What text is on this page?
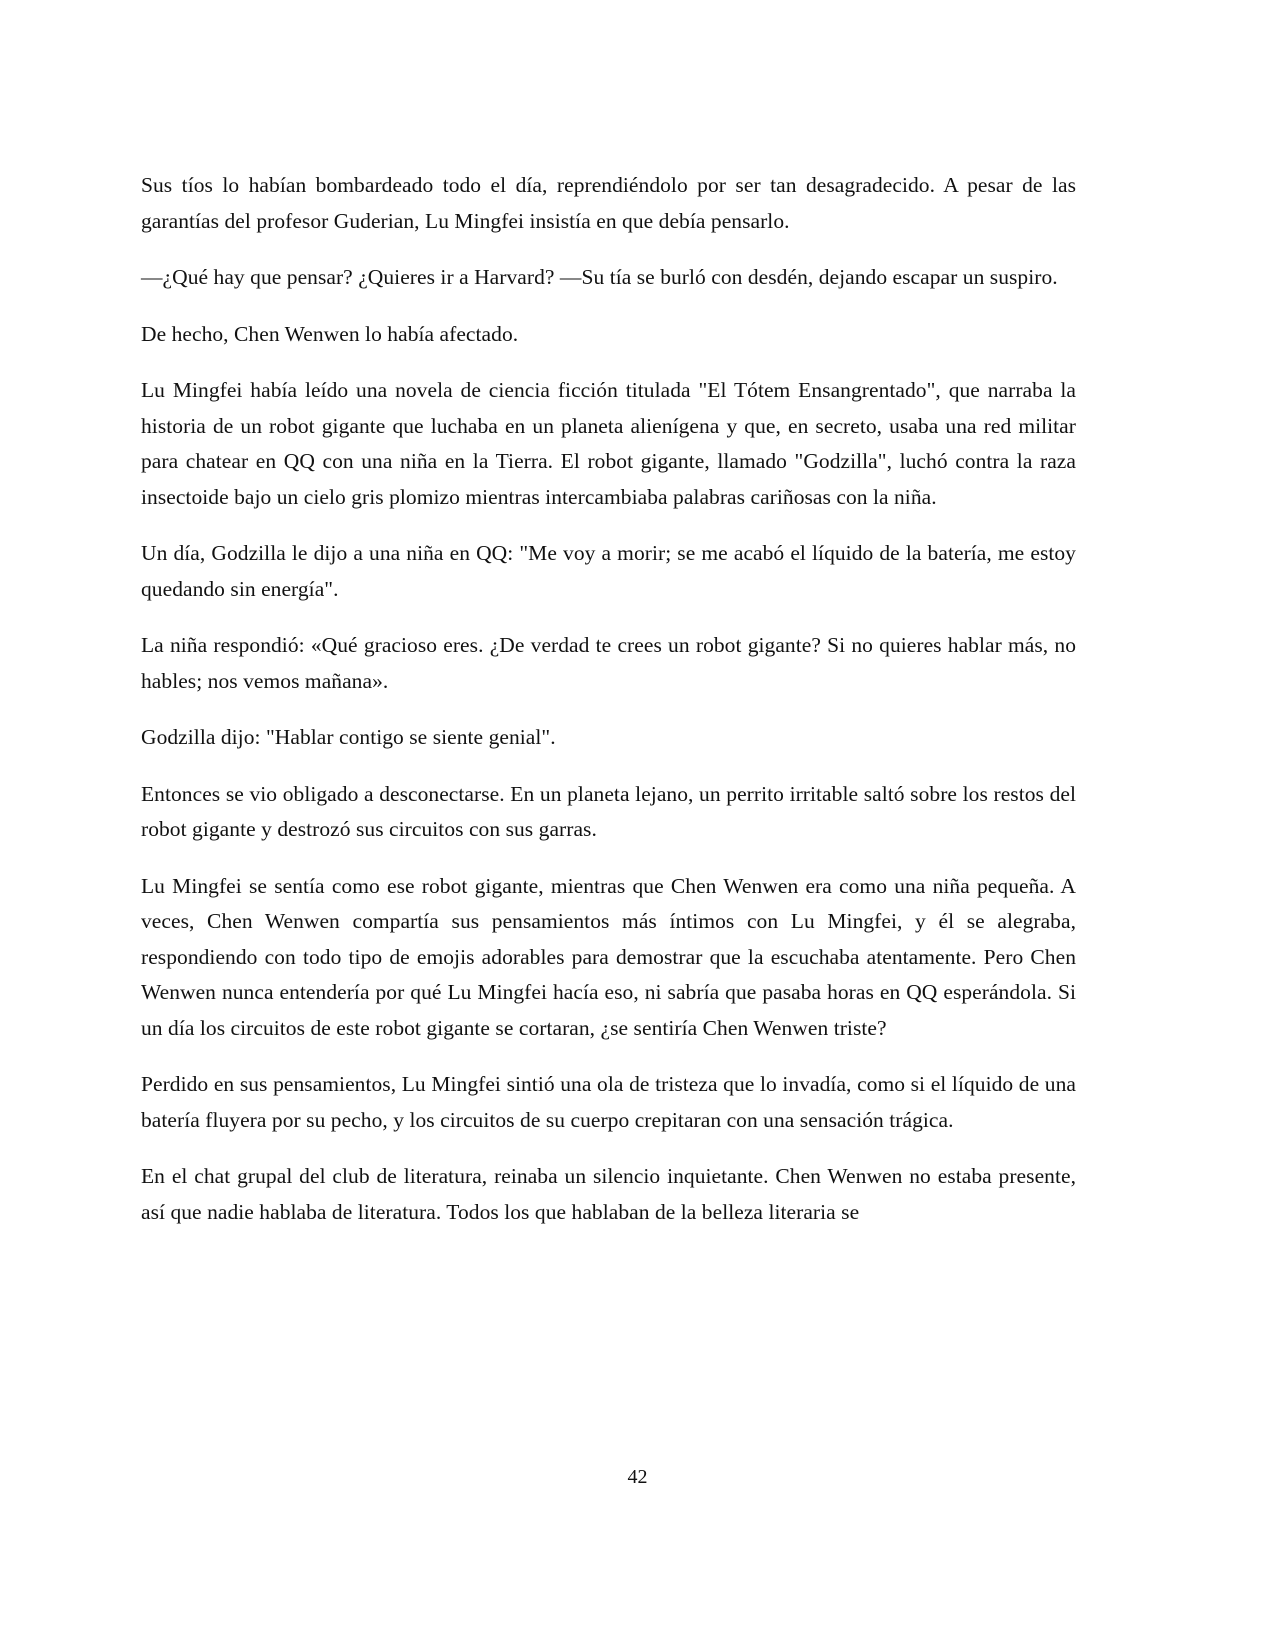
Sus tíos lo habían bombardeado todo el día, reprendiéndolo por ser tan desagradecido. A pesar de las garantías del profesor Guderian, Lu Mingfei insistía en que debía pensarlo.

—¿Qué hay que pensar? ¿Quieres ir a Harvard? —Su tía se burló con desdén, dejando escapar un suspiro.

De hecho, Chen Wenwen lo había afectado.

Lu Mingfei había leído una novela de ciencia ficción titulada "El Tótem Ensangrentado", que narraba la historia de un robot gigante que luchaba en un planeta alienígena y que, en secreto, usaba una red militar para chatear en QQ con una niña en la Tierra. El robot gigante, llamado "Godzilla", luchó contra la raza insectoide bajo un cielo gris plomizo mientras intercambiaba palabras cariñosas con la niña.

Un día, Godzilla le dijo a una niña en QQ: "Me voy a morir; se me acabó el líquido de la batería, me estoy quedando sin energía".

La niña respondió: «Qué gracioso eres. ¿De verdad te crees un robot gigante? Si no quieres hablar más, no hables; nos vemos mañana».

Godzilla dijo: "Hablar contigo se siente genial".

Entonces se vio obligado a desconectarse. En un planeta lejano, un perrito irritable saltó sobre los restos del robot gigante y destrozó sus circuitos con sus garras.

Lu Mingfei se sentía como ese robot gigante, mientras que Chen Wenwen era como una niña pequeña. A veces, Chen Wenwen compartía sus pensamientos más íntimos con Lu Mingfei, y él se alegraba, respondiendo con todo tipo de emojis adorables para demostrar que la escuchaba atentamente. Pero Chen Wenwen nunca entendería por qué Lu Mingfei hacía eso, ni sabría que pasaba horas en QQ esperándola. Si un día los circuitos de este robot gigante se cortaran, ¿se sentiría Chen Wenwen triste?

Perdido en sus pensamientos, Lu Mingfei sintió una ola de tristeza que lo invadía, como si el líquido de una batería fluyera por su pecho, y los circuitos de su cuerpo crepitaran con una sensación trágica.

En el chat grupal del club de literatura, reinaba un silencio inquietante. Chen Wenwen no estaba presente, así que nadie hablaba de literatura. Todos los que hablaban de la belleza literaria se

42
